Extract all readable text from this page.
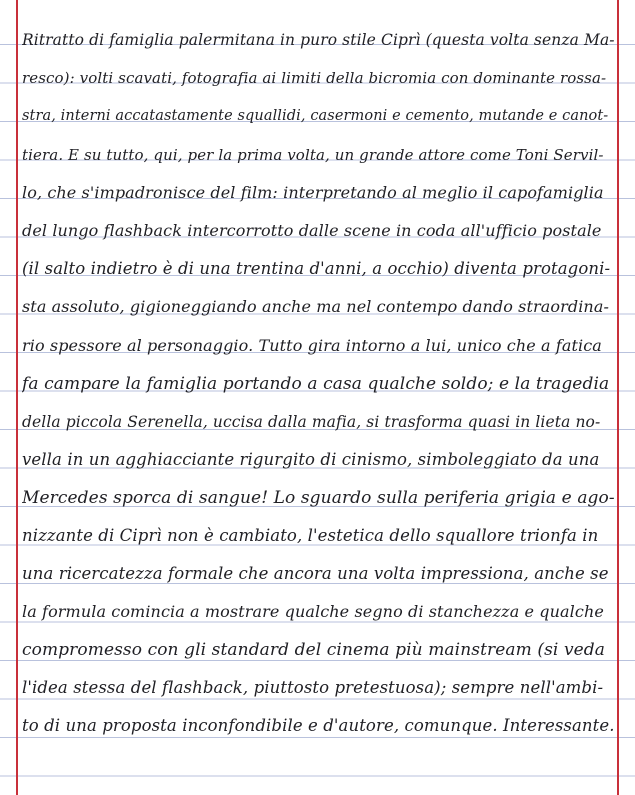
Ritratto di famiglia palermitana in puro stile Ciprì (questa volta senza Ma-
resco): volti scavati, fotografia ai limiti della bicromia con dominante rossa-
stra, interni accatastamente squallidi, casermoni e cemento, mutande e canot-
tiera. E su tutto, qui, per la prima volta, un grande attore come Toni Servil-
lo, che s'impadronisce del film: interpretando al meglio il capofamiglia
del lungo flashback intercorrotto dalle scene in coda all'ufficio postale
(il salto indietro è di una trentina d'anni, a occhio) diventa protagoni-
sta assoluto, gigioneggiando anche ma nel contempo dando straordina-
rio spessore al personaggio. Tutto gira intorno a lui, unico che a fatica
fa campare la famiglia portando a casa qualche soldo; e la tragedia
della piccola Serenella, uccisa dalla mafia, si trasforma quasi in lieta no-
vella in un agghiacciante rigurgito di cinismo, simboleggiato da una
Mercedes sporca di sangue! Lo sguardo sulla periferia grigia e ago-
nizzante di Ciprì non è cambiato, l'estetica dello squallore trionfa in
una ricercatezza formale che ancora una volta impressiona, anche se
la formula comincia a mostrare qualche segno di stanchezza e qualche
compromesso con gli standard del cinema più mainstream (si veda
l'idea stessa del flashback, piuttosto pretestuosa); sempre nell'ambi-
to di una proposta inconfondibile e d'autore, comunque. Interessante.
